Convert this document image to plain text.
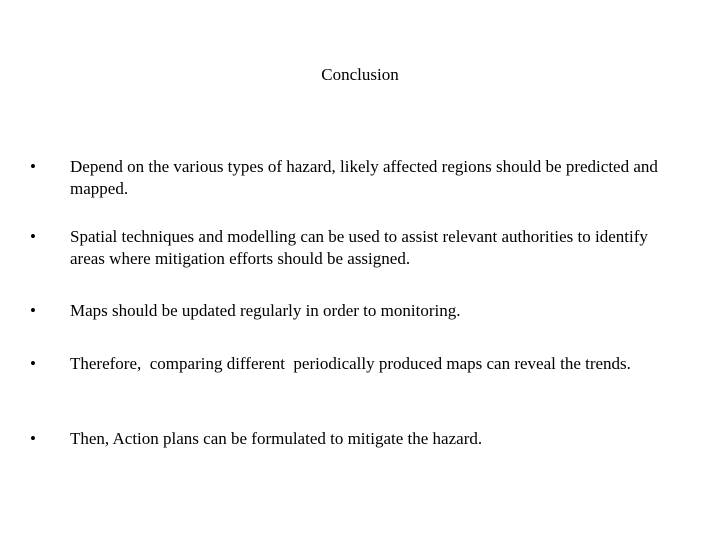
Conclusion
•	Depend on the various types of hazard, likely affected regions should be predicted and mapped.
•	Spatial techniques and modelling can be used to assist relevant authorities to identify areas where mitigation efforts should be assigned.
•	Maps should be updated regularly in order to monitoring.
•	Therefore,  comparing different  periodically produced maps can reveal the trends.
•	Then, Action plans can be formulated to mitigate the hazard.
